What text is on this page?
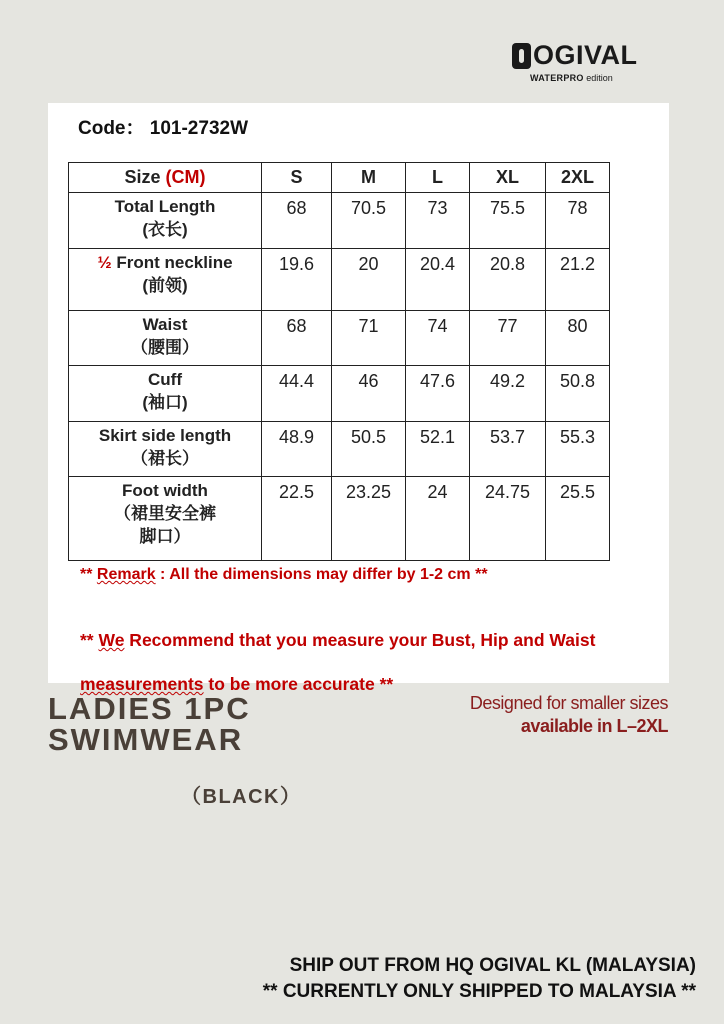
OGIVAL
WATERPRO edition
Code： 101-2732W
Size (CM)	S	M	L	XL	2XL
Total Length
(衣长)	68	70.5	73	75.5	78
½ Front neckline
(前领)	19.6	20	20.4	20.8	21.2
Waist
（腰围）	68	71	74	77	80
Cuff
(袖口)	44.4	46	47.6	49.2	50.8
Skirt side length
（裙长）	48.9	50.5	52.1	53.7	55.3
Foot width
（裙里安全裤
脚口）	22.5	23.25	24	24.75	25.5
** Remark : All the dimensions may differ by 1-2 cm **
** We Recommend that you measure your Bust, Hip and Waist measurements to be more accurate **
LADIES 1PC
SWIMWEAR
（BLACK）
Designed for smaller sizes
available in L–2XL
SHIP OUT FROM HQ OGIVAL KL (MALAYSIA)
** CURRENTLY ONLY SHIPPED TO MALAYSIA **
